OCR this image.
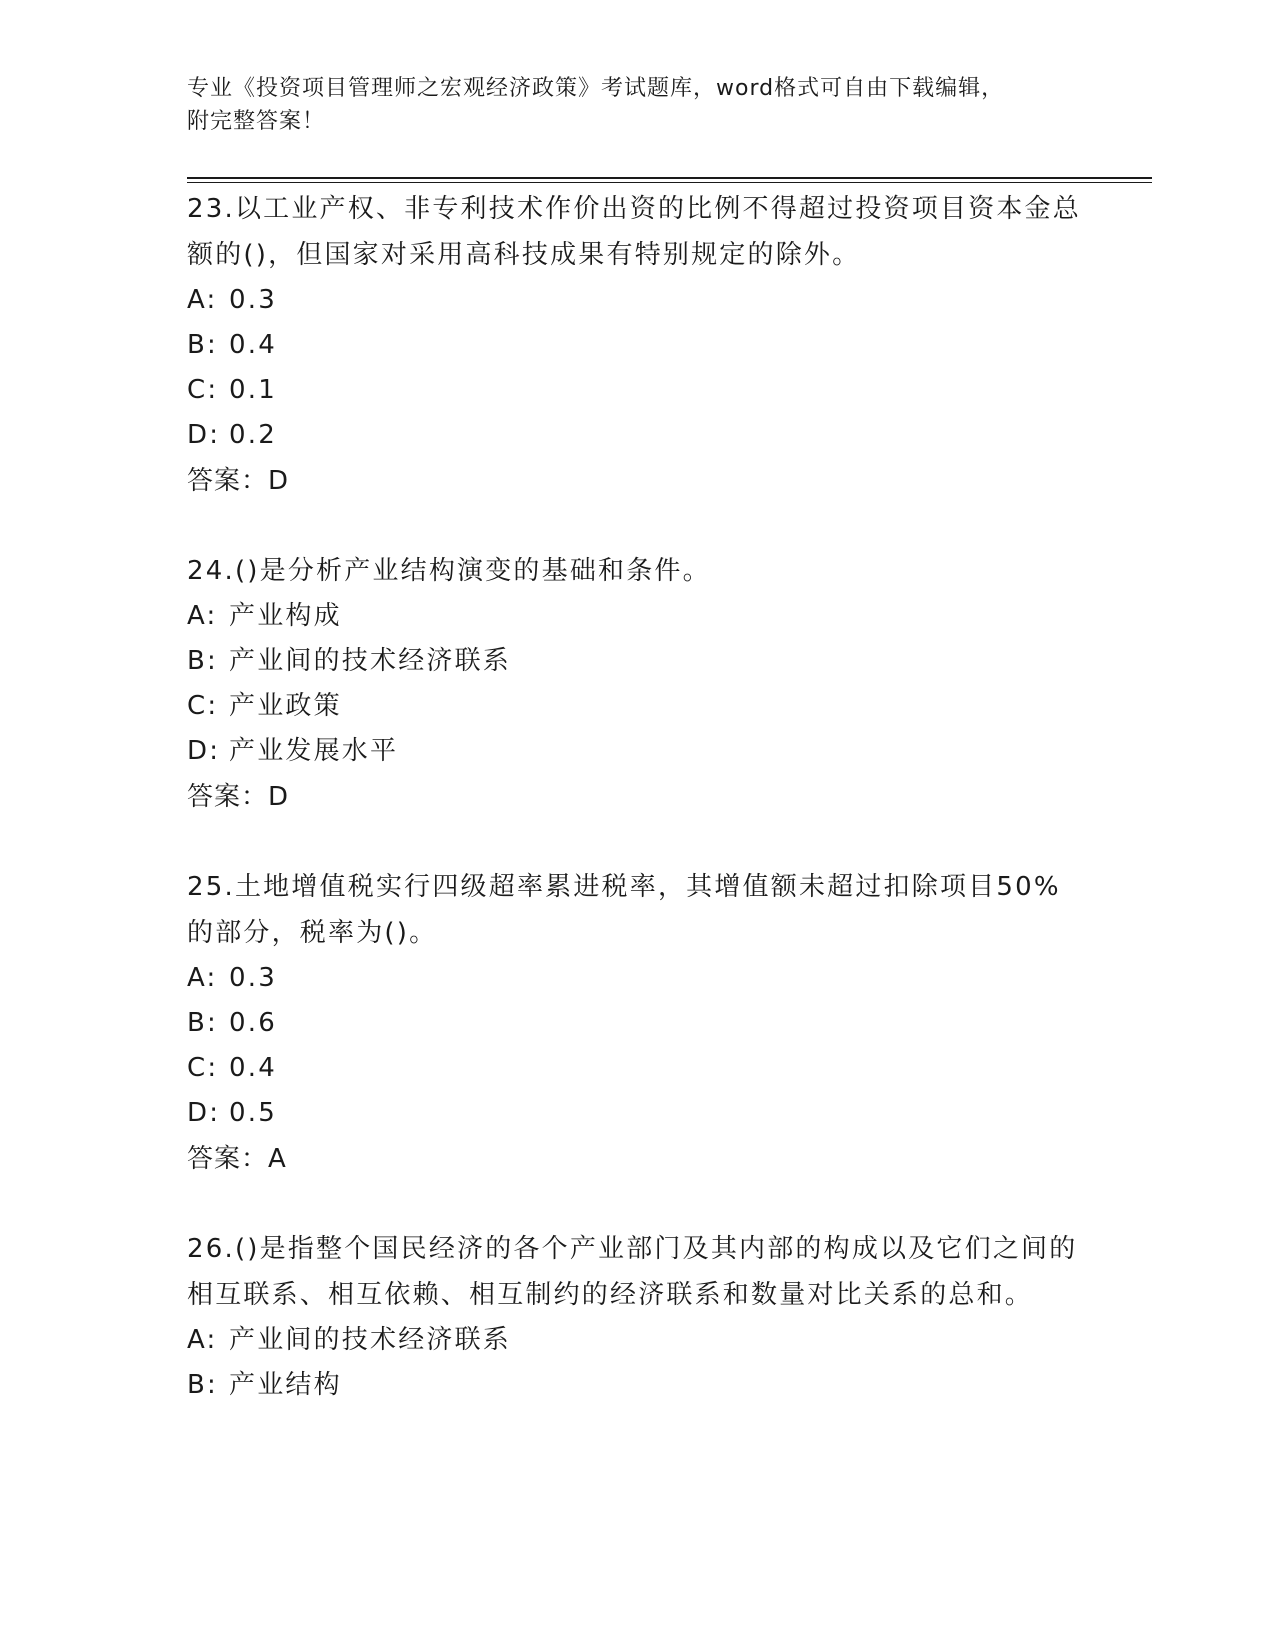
专业《投资项目管理师之宏观经济政策》考试题库，word格式可自由下载编辑，
附完整答案！

23.以工业产权、非专利技术作价出资的比例不得超过投资项目资本金总额的()，但国家对采用高科技成果有特别规定的除外。

A: 0.3

B: 0.4

C: 0.1

D: 0.2

答案：D

24.()是分析产业结构演变的基础和条件。

A: 产业构成

B: 产业间的技术经济联系

C: 产业政策

D: 产业发展水平

答案：D

25.土地增值税实行四级超率累进税率，其增值额未超过扣除项目50%的部分，税率为()。

A: 0.3

B: 0.6

C: 0.4

D: 0.5

答案：A

26.()是指整个国民经济的各个产业部门及其内部的构成以及它们之间的相互联系、相互依赖、相互制约的经济联系和数量对比关系的总和。

A: 产业间的技术经济联系

B: 产业结构
